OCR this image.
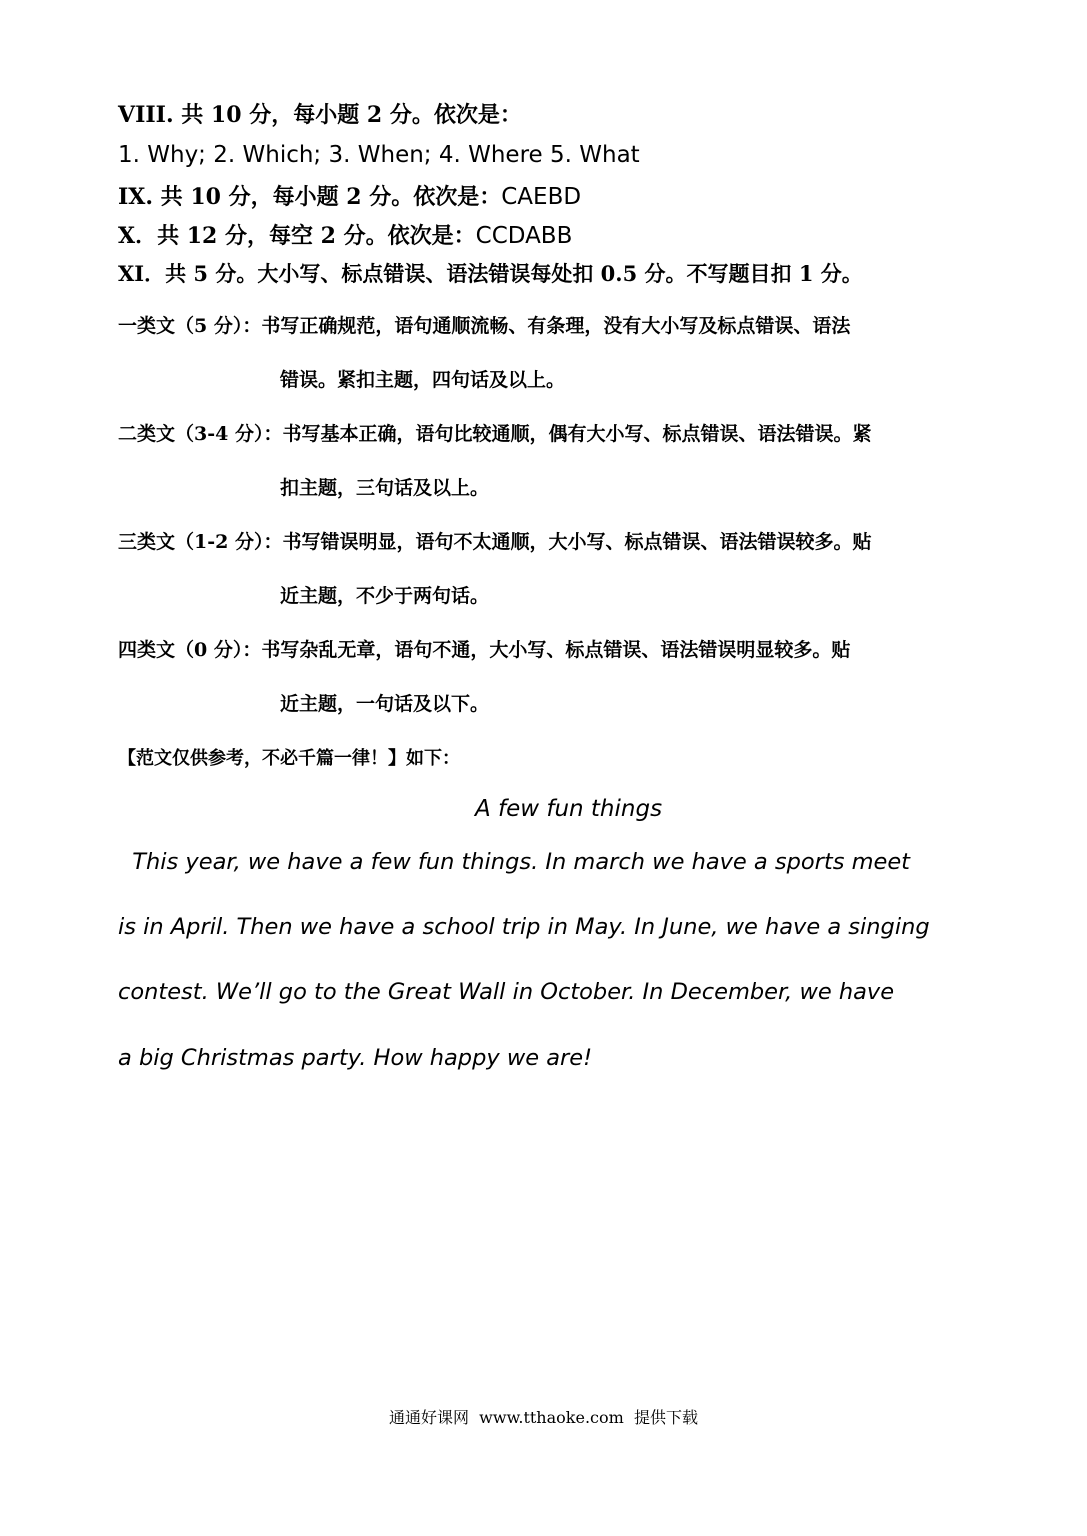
VIII. 共 10 分，每小题 2 分。依次是：
1. Why; 2. Which; 3. When; 4. Where 5. What
IX. 共 10 分，每小题 2 分。依次是：CAEBD
X．共 12 分，每空 2 分。依次是：CCDABB
XI．共 5 分。大小写、标点错误、语法错误每处扣 0.5 分。不写题目扣 1 分。
一类文（5 分）：书写正确规范，语句通顺流畅、有条理，没有大小写及标点错误、语法
错误。紧扣主题，四句话及以上。
二类文（3-4 分）：书写基本正确，语句比较通顺，偶有大小写、标点错误、语法错误。紧
扣主题，三句话及以上。
三类文（1-2 分）：书写错误明显，语句不太通顺，大小写、标点错误、语法错误较多。贴
近主题，不少于两句话。
四类文（0 分）：书写杂乱无章，语句不通，大小写、标点错误、语法错误明显较多。贴
近主题，一句话及以下。
【范文仅供参考，不必千篇一律！】如下：
A few fun things
This year, we have a few fun things. In march we have a sports meet
is in April. Then we have a school trip in May. In June, we have a singing
contest. We’ll go to the Great Wall in October. In December, we have
a big Christmas party. How happy we are!
通通好课网  www.tthaoke.com  提供下载
